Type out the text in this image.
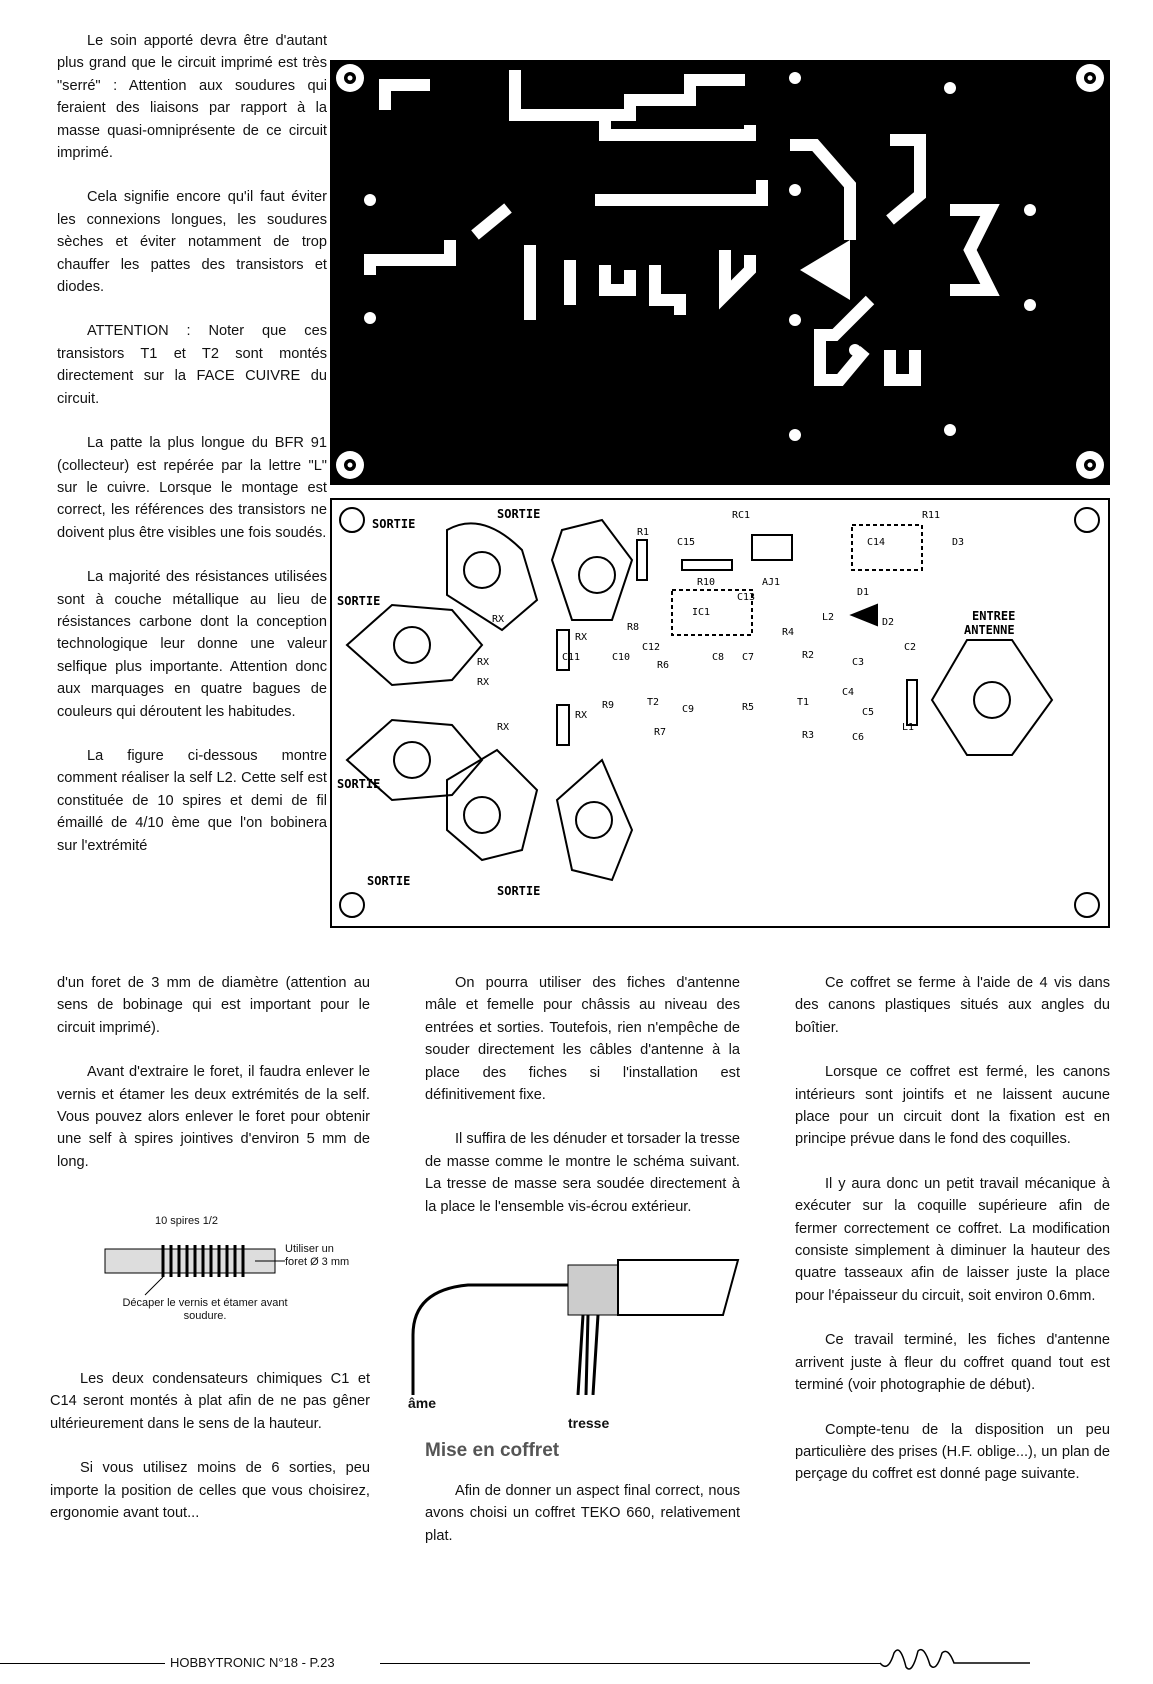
Le soin apporté devra être d'autant plus grand que le circuit imprimé est très "serré" : Attention aux soudures qui feraient des liaisons par rapport à la masse quasi-omniprésente de ce circuit imprimé.

Cela signifie encore qu'il faut éviter les connexions longues, les soudures sèches et éviter notamment de trop chauffer les pattes des transistors et diodes.

ATTENTION : Noter que ces transistors T1 et T2 sont montés directement sur la FACE CUIVRE du circuit.

La patte la plus longue du BFR 91 (collecteur) est repérée par la lettre "L" sur le cuivre. Lorsque le montage est correct, les références des transistors ne doivent plus être visibles une fois soudés.

La majorité des résistances utilisées sont à couche métallique au lieu de résistances carbone dont la conception technologique leur donne une valeur selfique plus importante. Attention donc aux marquages en quatre bagues de couleurs qui déroutent les habitudes.

La figure ci-dessous montre comment réaliser la self L2. Cette self est constituée de 10 spires et demi de fil émaillé de 4/10 ème que l'on bobinera sur l'extrémité

d'un foret de 3 mm de diamètre (attention au sens de bobinage qui est important pour le circuit imprimé).

Avant d'extraire le foret, il faudra enlever le vernis et étamer les deux extrémités de la self. Vous pouvez alors enlever le foret pour obtenir une self à spires jointives d'environ 5 mm de long.

10 spires 1/2
Utiliser un foret Ø 3 mm
Décaper le vernis et étamer avant soudure.

Les deux condensateurs chimiques C1 et C14 seront montés à plat afin de ne pas gêner ultérieurement dans le sens de la hauteur.

Si vous utilisez moins de 6 sorties, peu importe la position de celles que vous choisirez, ergonomie avant tout...

SORTIE
SORTIE
SORTIE
SORTIE
SORTIE
SORTIE
ENTREE
ANTENNE
RC1	R11
C15
R1
R10	AJ1
C14	D3
D1
L2	D2
C2
C3
C4
C5
C6
L1
R2
R3
T1
R4
R5
C7
C8
C9
C10
T2
R6
R7
R8
R9
C11
C12
C13
IC1
RX
RX
RX
RX
RX
RX

On pourra utiliser des fiches d'antenne mâle et femelle pour châssis au niveau des entrées et sorties. Toutefois, rien n'empêche de souder directement les câbles d'antenne à la place des fiches si l'installation est définitivement fixe.

Il suffira de les dénuder et torsader la tresse de masse comme le montre le schéma suivant. La tresse de masse sera soudée directement à la place le l'ensemble vis-écrou extérieur.

âme
tresse
Mise en coffret

Afin de donner un aspect final correct, nous avons choisi un coffret TEKO 660, relativement plat.

Ce coffret se ferme à l'aide de 4 vis dans des canons plastiques situés aux angles du boîtier.

Lorsque ce coffret est fermé, les canons intérieurs sont jointifs et ne laissent aucune place pour un circuit dont la fixation est en principe prévue dans le fond des coquilles.

Il y aura donc un petit travail mécanique à exécuter sur la coquille supérieure afin de fermer correctement ce coffret. La modification consiste simplement à diminuer la hauteur des quatre tasseaux afin de laisser juste la place pour l'épaisseur du circuit, soit environ 0.6mm.

Ce travail terminé, les fiches d'antenne arrivent juste à fleur du coffret quand tout est terminé (voir photographie de début).

Compte-tenu de la disposition un peu particulière des prises (H.F. oblige...), un plan de perçage du coffret est donné page suivante.

HOBBYTRONIC N°18 - P.23
